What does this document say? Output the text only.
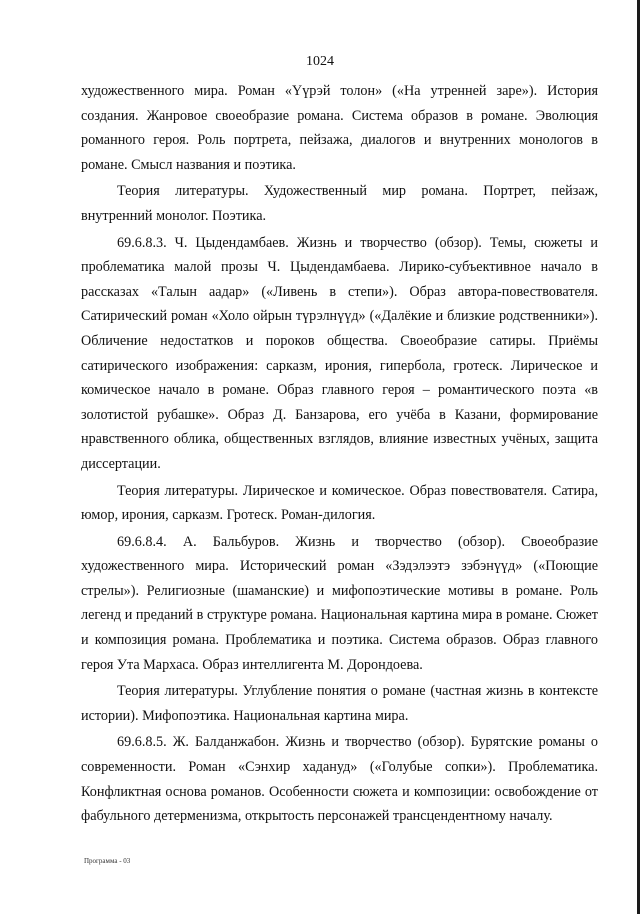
1024

художественного мира. Роман «Үүрэй толон» («На утренней заре»). История создания. Жанровое своеобразие романа. Система образов в романе. Эволюция романного героя. Роль портрета, пейзажа, диалогов и внутренних монологов в романе. Смысл названия и поэтика.

Теория литературы. Художественный мир романа. Портрет, пейзаж, внутренний монолог. Поэтика.

69.6.8.3. Ч. Цыдендамбаев. Жизнь и творчество (обзор). Темы, сюжеты и проблематика малой прозы Ч. Цыдендамбаева. Лирико-субъективное начало в рассказах «Талын аадар» («Ливень в степи»). Образ автора-повествователя. Сатирический роман «Холо ойрын түрэлнүүд» («Далёкие и близкие родственники»). Обличение недостатков и пороков общества. Своеобразие сатиры. Приёмы сатирического изображения: сарказм, ирония, гипербола, гротеск. Лирическое и комическое начало в романе. Образ главного героя – романтического поэта «в золотистой рубашке». Образ Д. Банзарова, его учёба в Казани, формирование нравственного облика, общественных взглядов, влияние известных учёных, защита диссертации.

Теория литературы. Лирическое и комическое. Образ повествователя. Сатира, юмор, ирония, сарказм. Гротеск. Роман-дилогия.

69.6.8.4. А. Бальбуров. Жизнь и творчество (обзор). Своеобразие художественного мира. Исторический роман «Зэдэлээтэ зэбэнүүд» («Поющие стрелы»). Религиозные (шаманские) и мифопоэтические мотивы в романе. Роль легенд и преданий в структуре романа. Национальная картина мира в романе. Сюжет и композиция романа. Проблематика и поэтика. Система образов. Образ главного героя Ута Мархаса. Образ интеллигента М. Дорондоева.

Теория литературы. Углубление понятия о романе (частная жизнь в контексте истории). Мифопоэтика. Национальная картина мира.

69.6.8.5. Ж. Балданжабон. Жизнь и творчество (обзор). Бурятские романы о современности. Роман «Сэнхир хадануд» («Голубые сопки»). Проблематика. Конфликтная основа романов. Особенности сюжета и композиции: освобождение от фабульного детерменизма, открытость персонажей трансцендентному началу.

Программа - 03
